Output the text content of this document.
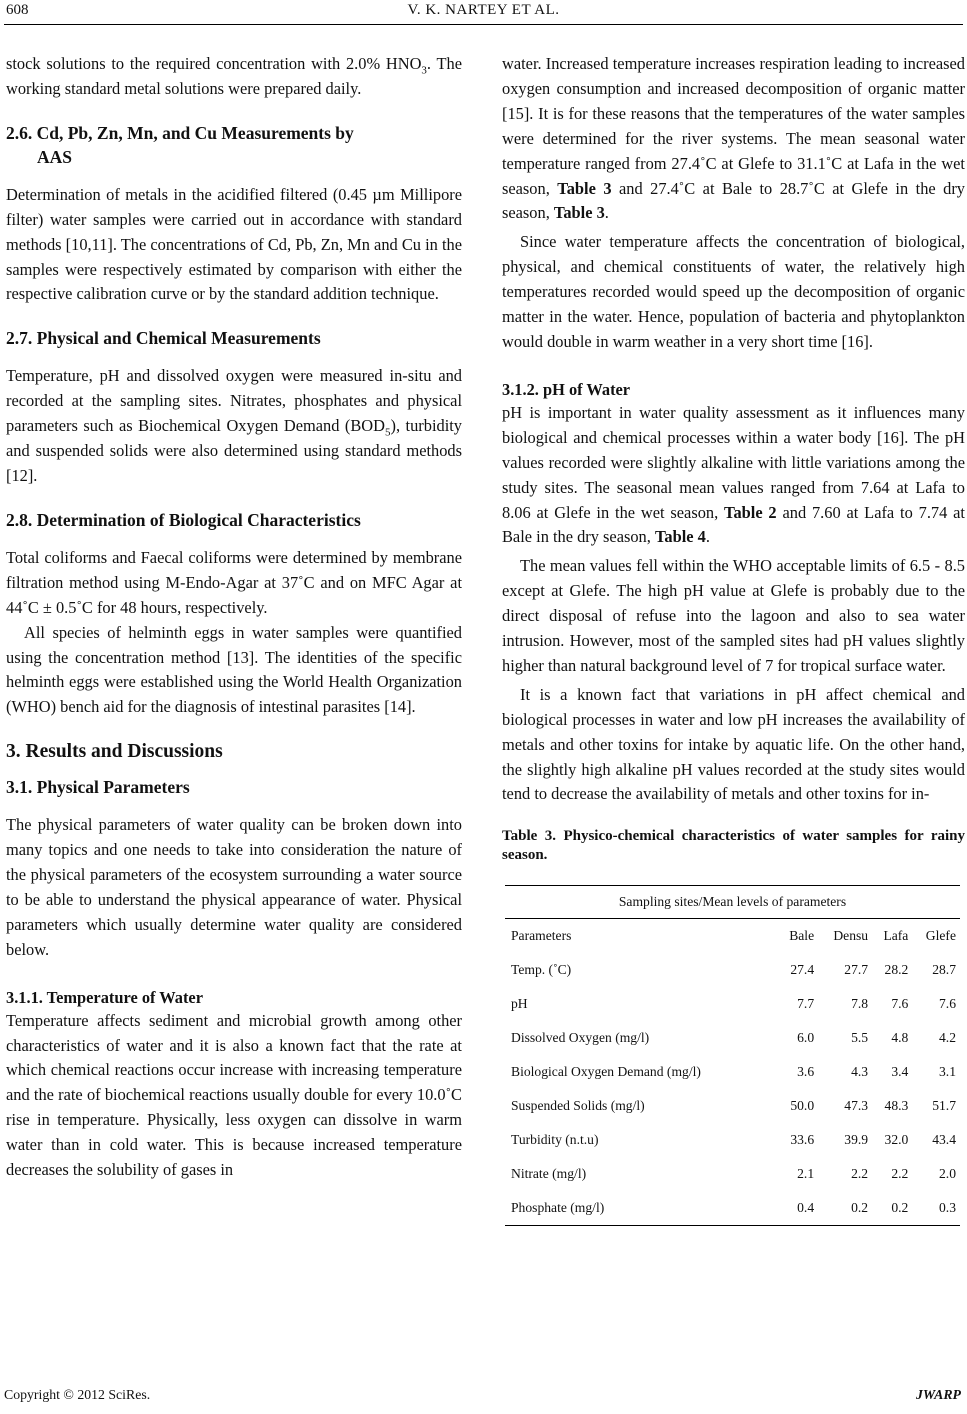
608	V. K. NARTEY ET AL.

stock solutions to the required concentration with 2.0% $HNO_3$. The working standard metal solutions were prepared daily.

2.6. Cd, Pb, Zn, Mn, and Cu Measurements by
AAS

Determination of metals in the acidified filtered (0.45 µm Millipore filter) water samples were carried out in accordance with standard methods [10,11]. The concentrations of Cd, Pb, Zn, Mn and Cu in the samples were respectively estimated by comparison with either the respective calibration curve or by the standard addition technique.

2.7. Physical and Chemical Measurements

Temperature, pH and dissolved oxygen were measured in-situ and recorded at the sampling sites. Nitrates, phosphates and physical parameters such as Biochemical Oxygen Demand $(BOD_5)$, turbidity and suspended solids were also determined using standard methods [12].

2.8. Determination of Biological Characteristics

Total coliforms and Faecal coliforms were determined by membrane filtration method using M-Endo-Agar at 37˚C and on MFC Agar at 44˚C ± 0.5˚C for 48 hours, respectively.

All species of helminth eggs in water samples were quantified using the concentration method [13]. The identities of the specific helminth eggs were established using the World Health Organization (WHO) bench aid for the diagnosis of intestinal parasites [14].

3. Results and Discussions
3.1. Physical Parameters

The physical parameters of water quality can be broken down into many topics and one needs to take into consideration the nature of the physical parameters of the ecosystem surrounding a water source to be able to understand the physical appearance of water. Physical parameters which usually determine water quality are considered below.

3.1.1. Temperature of Water

Temperature affects sediment and microbial growth among other characteristics of water and it is also a known fact that the rate at which chemical reactions occur increase with increasing temperature and the rate of biochemical reactions usually double for every 10.0˚C rise in temperature. Physically, less oxygen can dissolve in warm water than in cold water. This is because increased temperature decreases the solubility of gases in

water. Increased temperature increases respiration leading to increased oxygen consumption and increased decomposition of organic matter [15]. It is for these reasons that the temperatures of the water samples were determined for the river systems. The mean seasonal water temperature ranged from 27.4˚C at Glefe to 31.1˚C at Lafa in the wet season, Table 3 and 27.4˚C at Bale to 28.7˚C at Glefe in the dry season, Table 3.

Since water temperature affects the concentration of biological, physical, and chemical constituents of water, the relatively high temperatures recorded would speed up the decomposition of organic matter in the water. Hence, population of bacteria and phytoplankton would double in warm weather in a very short time [16].

3.1.2. pH of Water

pH is important in water quality assessment as it influences many biological and chemical processes within a water body [16]. The pH values recorded were slightly alkaline with little variations among the study sites. The seasonal mean values ranged from 7.64 at Lafa to 8.06 at Glefe in the wet season, Table 2 and 7.60 at Lafa to 7.74 at Bale in the dry season, Table 4.

The mean values fell within the WHO acceptable limits of 6.5 - 8.5 except at Glefe. The high pH value at Glefe is probably due to the direct disposal of refuse into the lagoon and also to sea water intrusion. However, most of the sampled sites had pH values slightly higher than natural background level of 7 for tropical surface water.

It is a known fact that variations in pH affect chemical and biological processes in water and low pH increases the availability of metals and other toxins for intake by aquatic life. On the other hand, the slightly high alkaline pH values recorded at the study sites would tend to decrease the availability of metals and other toxins for in-

Table 3. Physico-chemical characteristics of water samples for rainy season.
Sampling sites/Mean levels of parameters				
Parameters	Bale	Densu	Lafa	Glefe
Temp. (˚C)	27.4	27.7	28.2	28.7
pH	7.7	7.8	7.6	7.6
Dissolved Oxygen (mg/l)	6.0	5.5	4.8	4.2
Biological Oxygen Demand (mg/l)	3.6	4.3	3.4	3.1
Suspended Solids (mg/l)	50.0	47.3	48.3	51.7
Turbidity (n.t.u)	33.6	39.9	32.0	43.4
Nitrate (mg/l)	2.1	2.2	2.2	2.0
Phosphate (mg/l)	0.4	0.2	0.2	0.3
Copyright © 2012 SciRes.	JWARP
